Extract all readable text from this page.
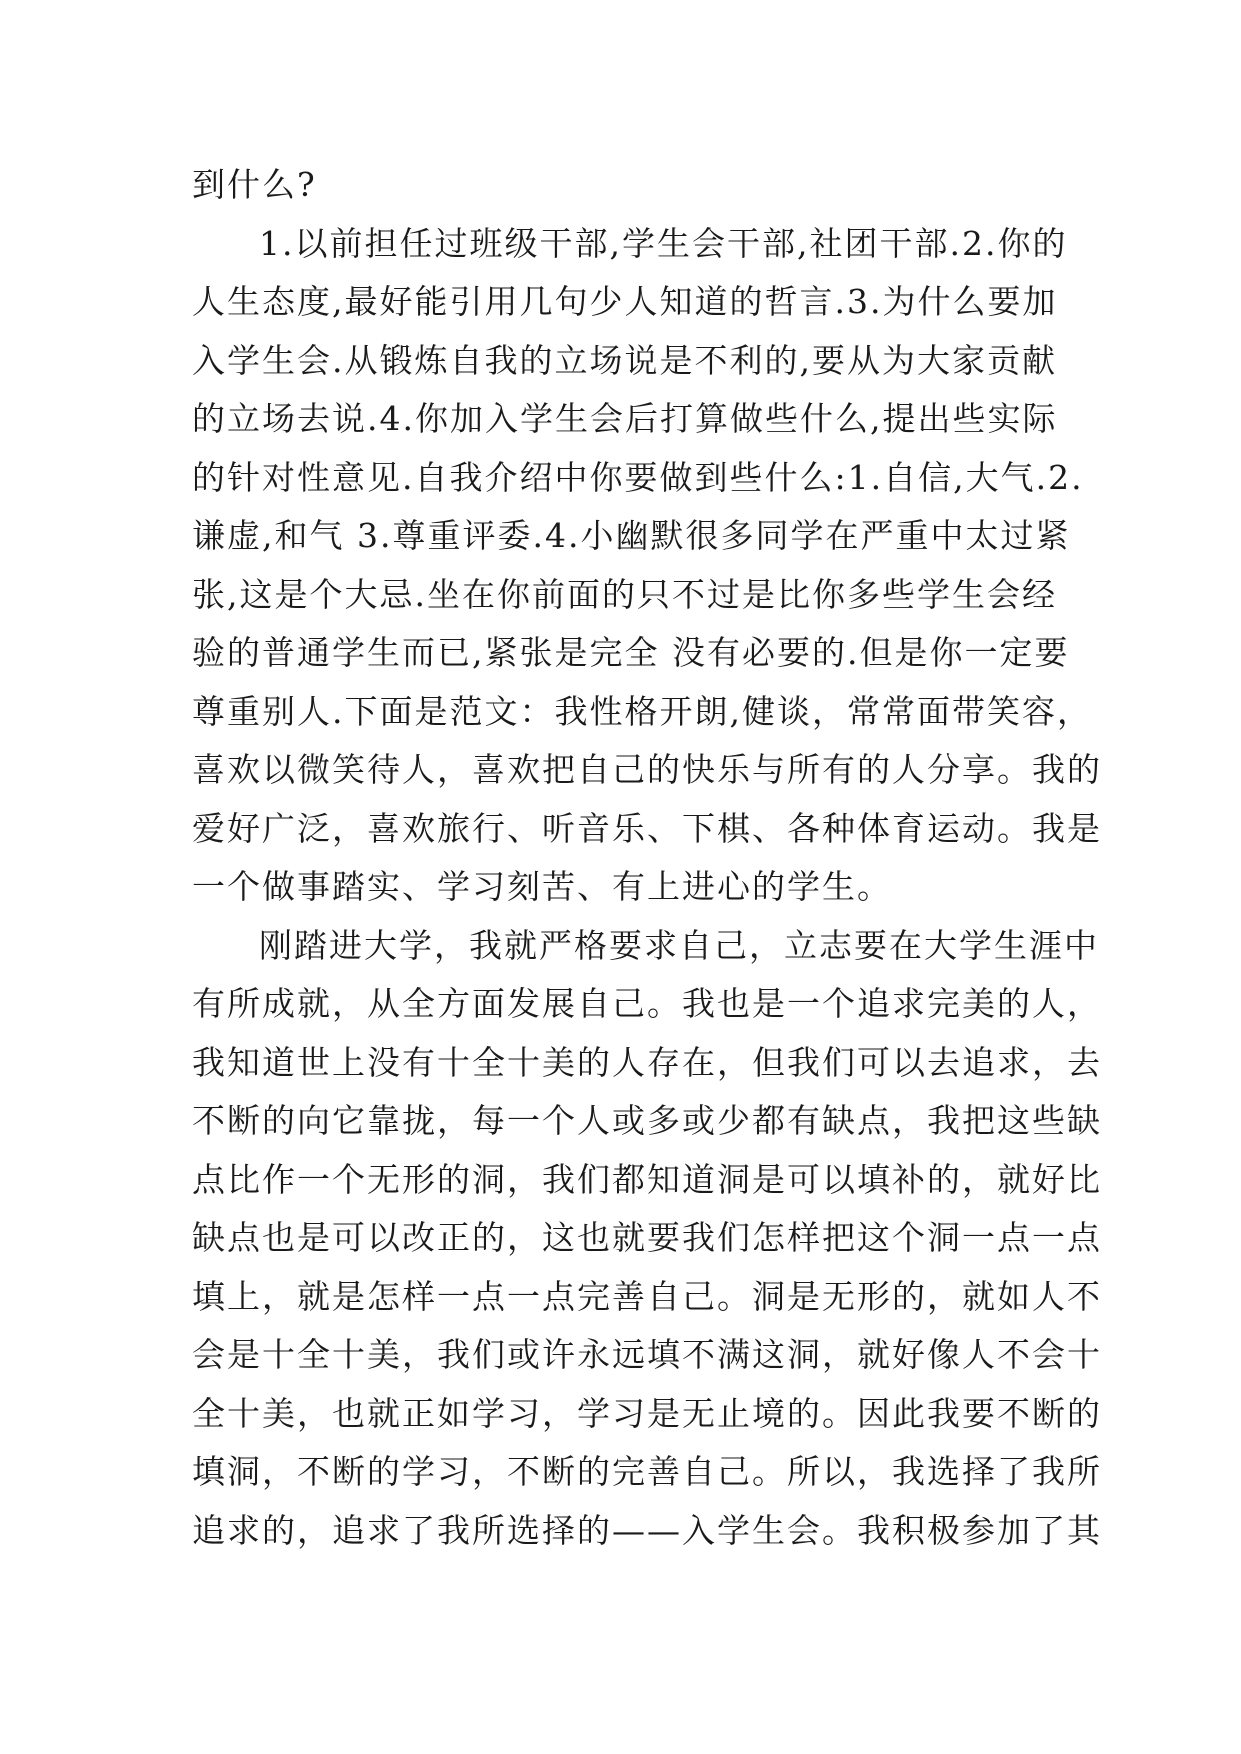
到什么?
1.以前担任过班级干部,学生会干部,社团干部.2.你的
人生态度,最好能引用几句少人知道的哲言.3.为什么要加
入学生会.从锻炼自我的立场说是不利的,要从为大家贡献
的立场去说.4.你加入学生会后打算做些什么,提出些实际
的针对性意见.自我介绍中你要做到些什么:1.自信,大气.2.
谦虚,和气 3.尊重评委.4.小幽默很多同学在严重中太过紧
张,这是个大忌.坐在你前面的只不过是比你多些学生会经
验的普通学生而已,紧张是完全 没有必要的.但是你一定要
尊重别人.下面是范文：我性格开朗,健谈，常常面带笑容，
喜欢以微笑待人，喜欢把自己的快乐与所有的人分享。我的
爱好广泛，喜欢旅行、听音乐、下棋、各种体育运动。我是
一个做事踏实、学习刻苦、有上进心的学生。
刚踏进大学，我就严格要求自己，立志要在大学生涯中
有所成就，从全方面发展自己。我也是一个追求完美的人，
我知道世上没有十全十美的人存在，但我们可以去追求，去
不断的向它靠拢，每一个人或多或少都有缺点，我把这些缺
点比作一个无形的洞，我们都知道洞是可以填补的，就好比
缺点也是可以改正的，这也就要我们怎样把这个洞一点一点
填上，就是怎样一点一点完善自己。洞是无形的，就如人不
会是十全十美，我们或许永远填不满这洞，就好像人不会十
全十美，也就正如学习，学习是无止境的。因此我要不断的
填洞，不断的学习，不断的完善自己。所以，我选择了我所
追求的，追求了我所选择的——入学生会。我积极参加了其
